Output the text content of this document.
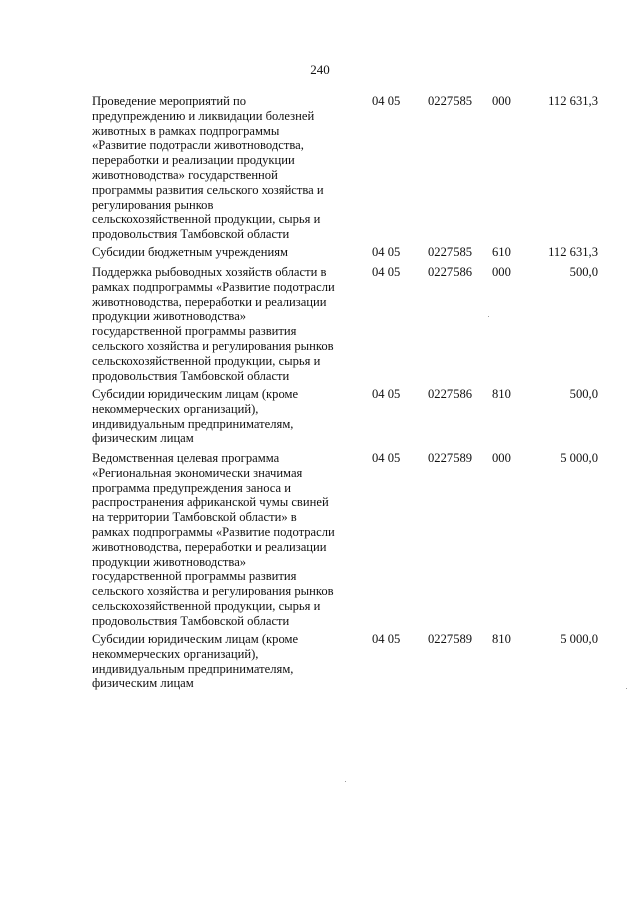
240
Проведение мероприятий по
предупреждению и ликвидации болезней
животных в рамках подпрограммы
«Развитие подотрасли животноводства,
переработки и реализации продукции
животноводства» государственной
программы развития сельского хозяйства и
регулирования рынков
сельскохозяйственной продукции, сырья и
продовольствия Тамбовской области
04 05	0227585	000	112 631,3
Субсидии бюджетным учреждениям	04 05	0227585	610	112 631,3
Поддержка рыбоводных хозяйств области в
рамках подпрограммы «Развитие подотрасли
животноводства, переработки и реализации
продукции животноводства»
государственной программы развития
сельского хозяйства и регулирования рынков
сельскохозяйственной продукции, сырья и
продовольствия Тамбовской области
04 05	0227586	000	500,0
Субсидии юридическим лицам (кроме
некоммерческих организаций),
индивидуальным предпринимателям,
физическим лицам
04 05	0227586	810	500,0
Ведомственная целевая программа
«Региональная экономически значимая
программа предупреждения заноса и
распространения африканской чумы свиней
на территории Тамбовской области» в
рамках подпрограммы «Развитие подотрасли
животноводства, переработки и реализации
продукции животноводства»
государственной программы развития
сельского хозяйства и регулирования рынков
сельскохозяйственной продукции, сырья и
продовольствия Тамбовской области
04 05	0227589	000	5 000,0
Субсидии юридическим лицам (кроме
некоммерческих организаций),
индивидуальным предпринимателям,
физическим лицам
04 05	0227589	810	5 000,0
